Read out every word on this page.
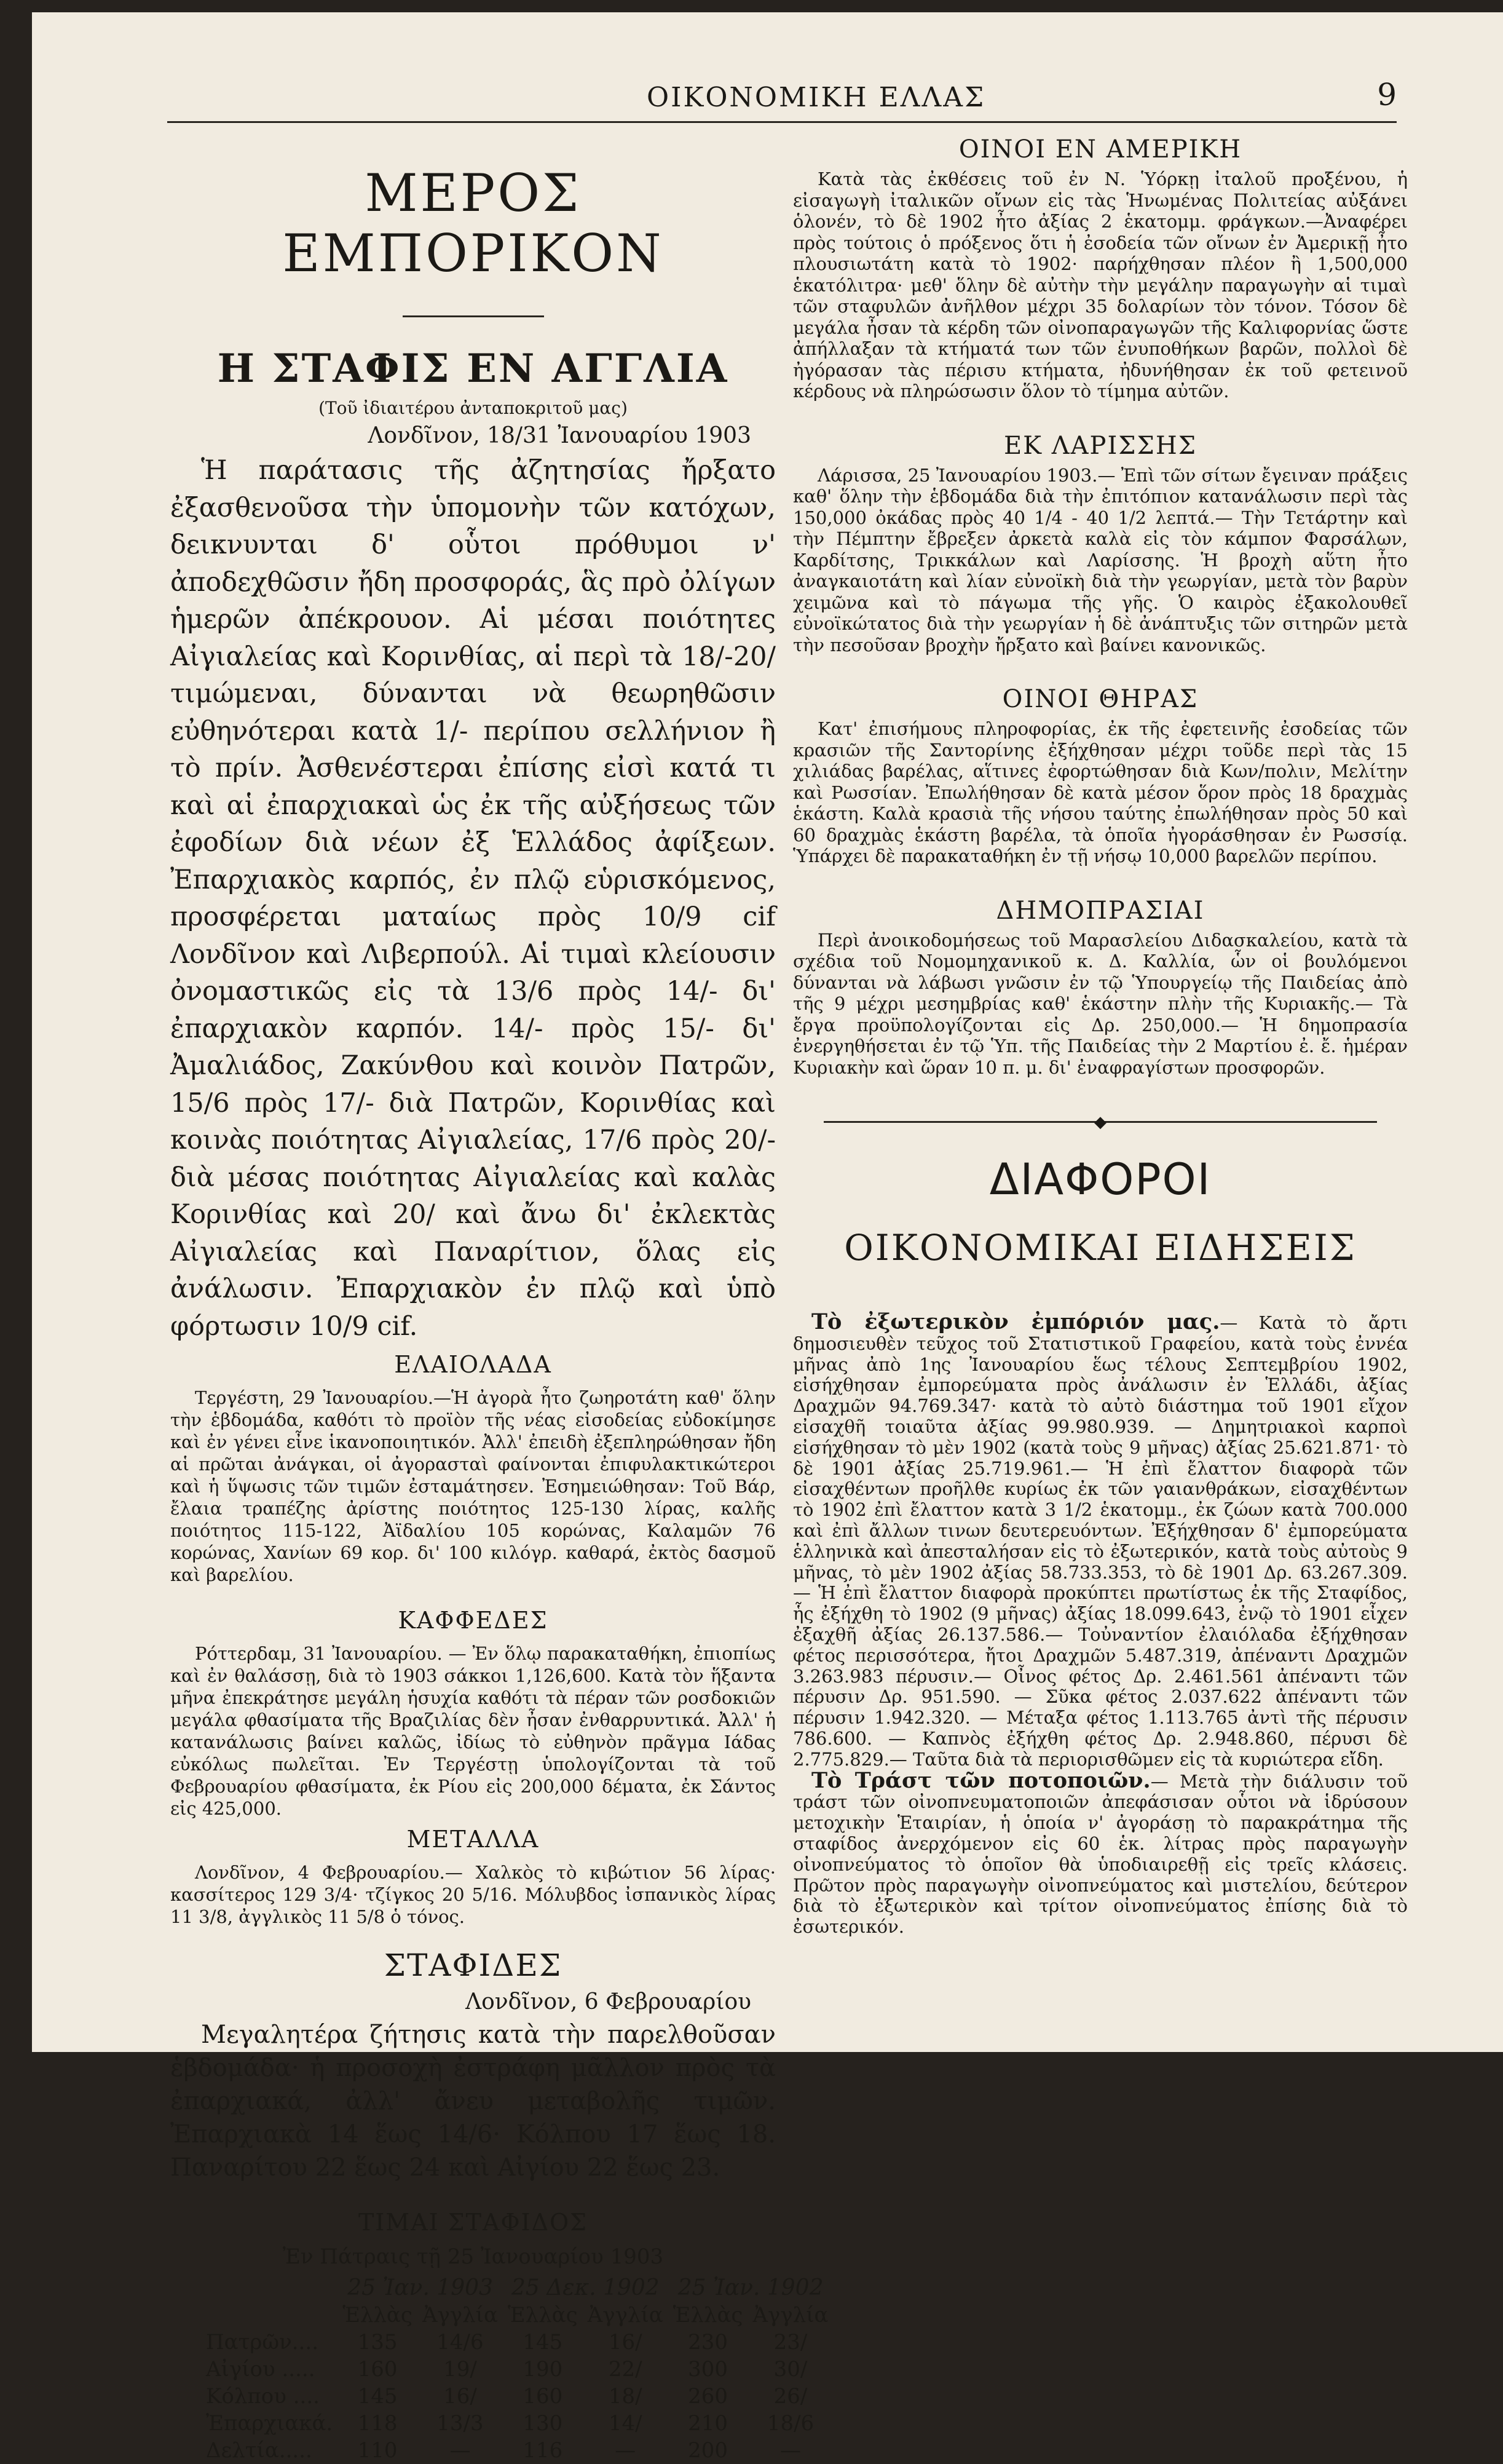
ΟΙΚΟΝΟΜΙΚΗ ΕΛΛΑΣ	9
ΜΕΡΟΣ ΕΜΠΟΡΙΚΟΝ
Η ΣΤΑΦΙΣ ΕΝ ΑΓΓΛΙΑ
(Τοῦ ἰδιαιτέρου ἀνταποκριτοῦ μας)
Λονδῖνον, 18/31 Ἰανουαρίου 1903

Ἡ παράτασις τῆς ἀζητησίας ἤρξατο ἐξασθενοῦσα τὴν ὑπομονὴν τῶν κατόχων, δεικνυνται δ' οὗτοι πρόθυμοι ν' ἀποδεχθῶσιν ἤδη προσφοράς, ἃς πρὸ ὀλίγων ἡμερῶν ἀπέκρουον. Αἱ μέσαι ποιότητες Αἰγιαλείας καὶ Κορινθίας, αἱ περὶ τὰ 18/-20/ τιμώμεναι, δύνανται νὰ θεωρηθῶσιν εὐθηνότεραι κατὰ 1/- περίπου σελλήνιον ἢ τὸ πρίν. Ἀσθενέστεραι ἐπίσης εἰσὶ κατά τι καὶ αἱ ἐπαρχιακαὶ ὡς ἐκ τῆς αὐξήσεως τῶν ἐφοδίων διὰ νέων ἐξ Ἑλλάδος ἀφίξεων. Ἐπαρχιακὸς καρπός, ἐν πλῷ εὑρισκόμενος, προσφέρεται ματαίως πρὸς 10/9 cif Λονδῖνον καὶ Λιβερπούλ. Αἱ τιμαὶ κλείουσιν ὀνομαστικῶς εἰς τὰ 13/6 πρὸς 14/- δι' ἐπαρχιακὸν καρπόν. 14/- πρὸς 15/- δι' Ἀμαλιάδος, Ζακύνθου καὶ κοινὸν Πατρῶν, 15/6 πρὸς 17/- διὰ Πατρῶν, Κορινθίας καὶ κοινὰς ποιότητας Αἰγιαλείας, 17/6 πρὸς 20/- διὰ μέσας ποιότητας Αἰγιαλείας καὶ καλὰς Κορινθίας καὶ 20/ καὶ ἄνω δι' ἐκλεκτὰς Αἰγιαλείας καὶ Παναρίτιον, ὅλας εἰς ἀνάλωσιν. Ἐπαρχιακὸν ἐν πλῷ καὶ ὑπὸ φόρτωσιν 10/9 cif.

ΕΛΑΙΟΛΑΔΑ

Τεργέστη, 29 Ἰανουαρίου.—Ἡ ἀγορὰ ἦτο ζωηροτάτη καθ' ὅλην τὴν ἑβδομάδα, καθότι τὸ προϊὸν τῆς νέας εἰσοδείας εὐδοκίμησε καὶ ἐν γένει εἶνε ἱκανοποιητικόν. Ἀλλ' ἐπειδὴ ἐξεπληρώθησαν ἤδη αἱ πρῶται ἀνάγκαι, οἱ ἀγορασταὶ φαίνονται ἐπιφυλακτικώτεροι καὶ ἡ ὕψωσις τῶν τιμῶν ἐσταμάτησεν. Ἐσημειώθησαν: Τοῦ Βάρ, ἔλαια τραπέζης ἀρίστης ποιότητος 125-130 λίρας, καλῆς ποιότητος 115-122, Ἀϊδαλίου 105 κορώνας, Καλαμῶν 76 κορώνας, Χανίων 69 κορ. δι' 100 κιλόγρ. καθαρά, ἐκτὸς δασμοῦ καὶ βαρελίου.

ΚΑΦΦΕΔΕΣ

Ρόττερδαμ, 31 Ἰανουαρίου. — Ἐν ὅλῳ παρακαταθήκη, ἐπιοπίως καὶ ἐν θαλάσσῃ, διὰ τὸ 1903 σάκκοι 1,126,600. Κατὰ τὸν ἥξαντα μῆνα ἐπεκράτησε μεγάλη ἡσυχία καθότι τὰ πέραν τῶν ροσδοκιῶν μεγάλα φθασίματα τῆς Βραζιλίας δὲν ἦσαν ἐνθαρρυντικά. Ἀλλ' ἡ κατανάλωσις βαίνει καλῶς, ἰδίως τὸ εὐθηνὸν πρᾶγμα Ιάδας εὐκόλως πωλεῖται. Ἐν Τεργέστῃ ὑπολογίζονται τὰ τοῦ Φεβρουαρίου φθασίματα, ἐκ Ρίου εἰς 200,000 δέματα, ἐκ Σάντος εἰς 425,000.

ΜΕΤΑΛΛΑ

Λονδῖνον, 4 Φεβρουαρίου.— Χαλκὸς τὸ κιβώτιον 56 λίρας· κασσίτερος 129 3/4· τζίγκος 20 5/16. Μόλυβδος ἰσπανικὸς λίρας 11 3/8, ἀγγλικὸς 11 5/8 ὁ τόνος.

ΣΤΑΦΙΔΕΣ
Λονδῖνον, 6 Φεβρουαρίου

Μεγαλητέρα ζήτησις κατὰ τὴν παρελθοῦσαν ἑβδομάδα· ἡ προσοχὴ ἐστράφη μᾶλλον πρὸς τὰ ἐπαρχιακά, ἀλλ' ἄνευ μεταβολῆς τιμῶν. Ἐπαρχιακὰ 14 ἕως 14/6· Κόλπου 17 ἕως 18. Παναρίτου 22 ἕως 24 καὶ Αἰγίου 22 ἕως 23.

ΤΙΜΑΙ ΣΤΑΦΙΔΟΣ
Ἐν Πάτραις τῇ 25 Ἰανουαρίου 1903
	25 Ἰαν. 1903		25 Δεκ. 1902		25 Ἰαν. 1902	
	Ἑλλὰς	Ἀγγλία	Ἑλλὰς	Ἀγγλία	Ἑλλὰς	Ἀγγλία
Πατρῶν....	135	14/6	145	16/	230	23/
Αἰγίου .....	160	19/	190	22/	300	30/
Κόλπου ....	145	16/	160	18/	260	26/
Ἐπαρχιακά.	118	13/3	130	14/	210	18/6
Δελτία.....	110	—	116	—	200	—
ΟΙΝΟΙ ΕΝ ΑΜΕΡΙΚΗ

Κατὰ τὰς ἐκθέσεις τοῦ ἐν Ν. Ὑόρκῃ ἰταλοῦ προξένου, ἡ εἰσαγωγὴ ἰταλικῶν οἴνων εἰς τὰς Ἡνωμένας Πολιτείας αὐξάνει ὁλονέν, τὸ δὲ 1902 ἦτο ἀξίας 2 ἑκατομμ. φράγκων.—Ἀναφέρει πρὸς τούτοις ὁ πρόξενος ὅτι ἡ ἐσοδεία τῶν οἴνων ἐν Ἀμερικῇ ἦτο πλουσιωτάτη κατὰ τὸ 1902· παρήχθησαν πλέον ἢ 1,500,000 ἑκατόλιτρα· μεθ' ὅλην δὲ αὐτὴν τὴν μεγάλην παραγωγὴν αἱ τιμαὶ τῶν σταφυλῶν ἀνῆλθον μέχρι 35 δολαρίων τὸν τόνον. Τόσον δὲ μεγάλα ἦσαν τὰ κέρδη τῶν οἰνοπαραγωγῶν τῆς Καλιφορνίας ὥστε ἀπήλλαξαν τὰ κτήματά των τῶν ἐνυποθήκων βαρῶν, πολλοὶ δὲ ἠγόρασαν τὰς πέρισυ κτήματα, ἠδυνήθησαν ἐκ τοῦ φετεινοῦ κέρδους νὰ πληρώσωσιν ὅλον τὸ τίμημα αὐτῶν.

ΕΚ ΛΑΡΙΣΣΗΣ

Λάρισσα, 25 Ἰανουαρίου 1903.— Ἐπὶ τῶν σίτων ἔγειναν πράξεις καθ' ὅλην τὴν ἑβδομάδα διὰ τὴν ἐπιτόπιον κατανάλωσιν περὶ τὰς 150,000 ὀκάδας πρὸς 40 1/4 - 40 1/2 λεπτά.— Τὴν Τετάρτην καὶ τὴν Πέμπτην ἔβρεξεν ἀρκετὰ καλὰ εἰς τὸν κάμπον Φαρσάλων, Καρδίτσης, Τρικκάλων καὶ Λαρίσσης. Ἡ βροχὴ αὕτη ἦτο ἀναγκαιοτάτη καὶ λίαν εὐνοϊκὴ διὰ τὴν γεωργίαν, μετὰ τὸν βαρὺν χειμῶνα καὶ τὸ πάγωμα τῆς γῆς. Ὁ καιρὸς ἐξακολουθεῖ εὐνοϊκώτατος διὰ τὴν γεωργίαν ἡ δὲ ἀνάπτυξις τῶν σιτηρῶν μετὰ τὴν πεσοῦσαν βροχὴν ἤρξατο καὶ βαίνει κανονικῶς.

ΟΙΝΟΙ ΘΗΡΑΣ

Κατ' ἐπισήμους πληροφορίας, ἐκ τῆς ἐφετεινῆς ἐσοδείας τῶν κρασιῶν τῆς Σαντορίνης ἐξήχθησαν μέχρι τοῦδε περὶ τὰς 15 χιλιάδας βαρέλας, αἵτινες ἐφορτώθησαν διὰ Κων/πολιν, Μελίτην καὶ Ρωσσίαν. Ἐπωλήθησαν δὲ κατὰ μέσον ὅρον πρὸς 18 δραχμὰς ἑκάστη. Καλὰ κρασιὰ τῆς νήσου ταύτης ἐπωλήθησαν πρὸς 50 καὶ 60 δραχμὰς ἑκάστη βαρέλα, τὰ ὁποῖα ἠγοράσθησαν ἐν Ρωσσίᾳ. Ὑπάρχει δὲ παρακαταθήκη ἐν τῇ νήσῳ 10,000 βαρελῶν περίπου.

ΔΗΜΟΠΡΑΣΙΑΙ

Περὶ ἀνοικοδομήσεως τοῦ Μαρασλείου Διδασκαλείου, κατὰ τὰ σχέδια τοῦ Νομομηχανικοῦ κ. Δ. Καλλία, ὧν οἱ βουλόμενοι δύνανται νὰ λάβωσι γνῶσιν ἐν τῷ Ὑπουργείῳ τῆς Παιδείας ἀπὸ τῆς 9 μέχρι μεσημβρίας καθ' ἑκάστην πλὴν τῆς Κυριακῆς.— Τὰ ἔργα προϋπολογίζονται εἰς Δρ. 250,000.— Ἡ δημοπρασία ἐνεργηθήσεται ἐν τῷ Ὑπ. τῆς Παιδείας τὴν 2 Μαρτίου ἐ. ἔ. ἡμέραν Κυριακὴν καὶ ὥραν 10 π. μ. δι' ἐναφραγίστων προσφορῶν.

◆
ΔΙΑΦΟΡΟΙ
ΟΙΚΟΝΟΜΙΚΑΙ ΕΙΔΗΣΕΙΣ

Τὸ ἐξωτερικὸν ἐμπόριόν μας.— Κατὰ τὸ ἄρτι δημοσιευθὲν τεῦχος τοῦ Στατιστικοῦ Γραφείου, κατὰ τοὺς ἐννέα μῆνας ἀπὸ 1ης Ἰανουαρίου ἕως τέλους Σεπτεμβρίου 1902, εἰσήχθησαν ἐμπορεύματα πρὸς ἀνάλωσιν ἐν Ἑλλάδι, ἀξίας Δραχμῶν 94.769.347· κατὰ τὸ αὐτὸ διάστημα τοῦ 1901 εἴχον εἰσαχθῆ τοιαῦτα ἀξίας 99.980.939. — Δημητριακοὶ καρποὶ εἰσήχθησαν τὸ μὲν 1902 (κατὰ τοὺς 9 μῆνας) ἀξίας 25.621.871· τὸ δὲ 1901 ἀξίας 25.719.961.— Ἡ ἐπὶ ἔλαττον διαφορὰ τῶν εἰσαχθέντων προῆλθε κυρίως ἐκ τῶν γαιανθράκων, εἰσαχθέντων τὸ 1902 ἐπὶ ἔλαττον κατὰ 3 1/2 ἑκατομμ., ἐκ ζώων κατὰ 700.000 καὶ ἐπὶ ἄλλων τινων δευτερευόντων. Ἐξήχθησαν δ' ἐμπορεύματα ἑλληνικὰ καὶ ἀπεσταλήσαν εἰς τὸ ἐξωτερικόν, κατὰ τοὺς αὐτοὺς 9 μῆνας, τὸ μὲν 1902 ἀξίας 58.733.353, τὸ δὲ 1901 Δρ. 63.267.309. — Ἡ ἐπὶ ἔλαττον διαφορὰ προκύπτει πρωτίστως ἐκ τῆς Σταφίδος, ἧς ἐξήχθη τὸ 1902 (9 μῆνας) ἀξίας 18.099.643, ἐνῷ τὸ 1901 εἶχεν ἐξαχθῆ ἀξίας 26.137.586.— Τοὐναντίον ἐλαιόλαδα ἐξήχθησαν φέτος περισσότερα, ἤτοι Δραχμῶν 5.487.319, ἀπέναντι Δραχμῶν 3.263.983 πέρυσιν.— Οἶνος φέτος Δρ. 2.461.561 ἀπέναντι τῶν πέρυσιν Δρ. 951.590. — Σῦκα φέτος 2.037.622 ἀπέναντι τῶν πέρυσιν 1.942.320. — Μέταξα φέτος 1.113.765 ἀντὶ τῆς πέρυσιν 786.600. — Καπνὸς ἐξήχθη φέτος Δρ. 2.948.860, πέρυσι δὲ 2.775.829.— Ταῦτα διὰ τὰ περιορισθῶμεν εἰς τὰ κυριώτερα εἴδη.

Τὸ Τράστ τῶν ποτοποιῶν.— Μετὰ τὴν διάλυσιν τοῦ τράστ τῶν οἰνοπνευματοποιῶν ἀπεφάσισαν οὗτοι νὰ ἱδρύσουν μετοχικὴν Ἑταιρίαν, ἡ ὁποία ν' ἀγοράσῃ τὸ παρακράτημα τῆς σταφίδος ἀνερχόμενον εἰς 60 ἑκ. λίτρας πρὸς παραγωγὴν οἰνοπνεύματος τὸ ὁποῖον θὰ ὑποδιαιρεθῇ εἰς τρεῖς κλάσεις. Πρῶτον πρὸς παραγωγὴν οἰνοπνεύματος καὶ μιστελίου, δεύτερον διὰ τὸ ἐξωτερικὸν καὶ τρίτον οἰνοπνεύματος ἐπίσης διὰ τὸ ἐσωτερικόν.
